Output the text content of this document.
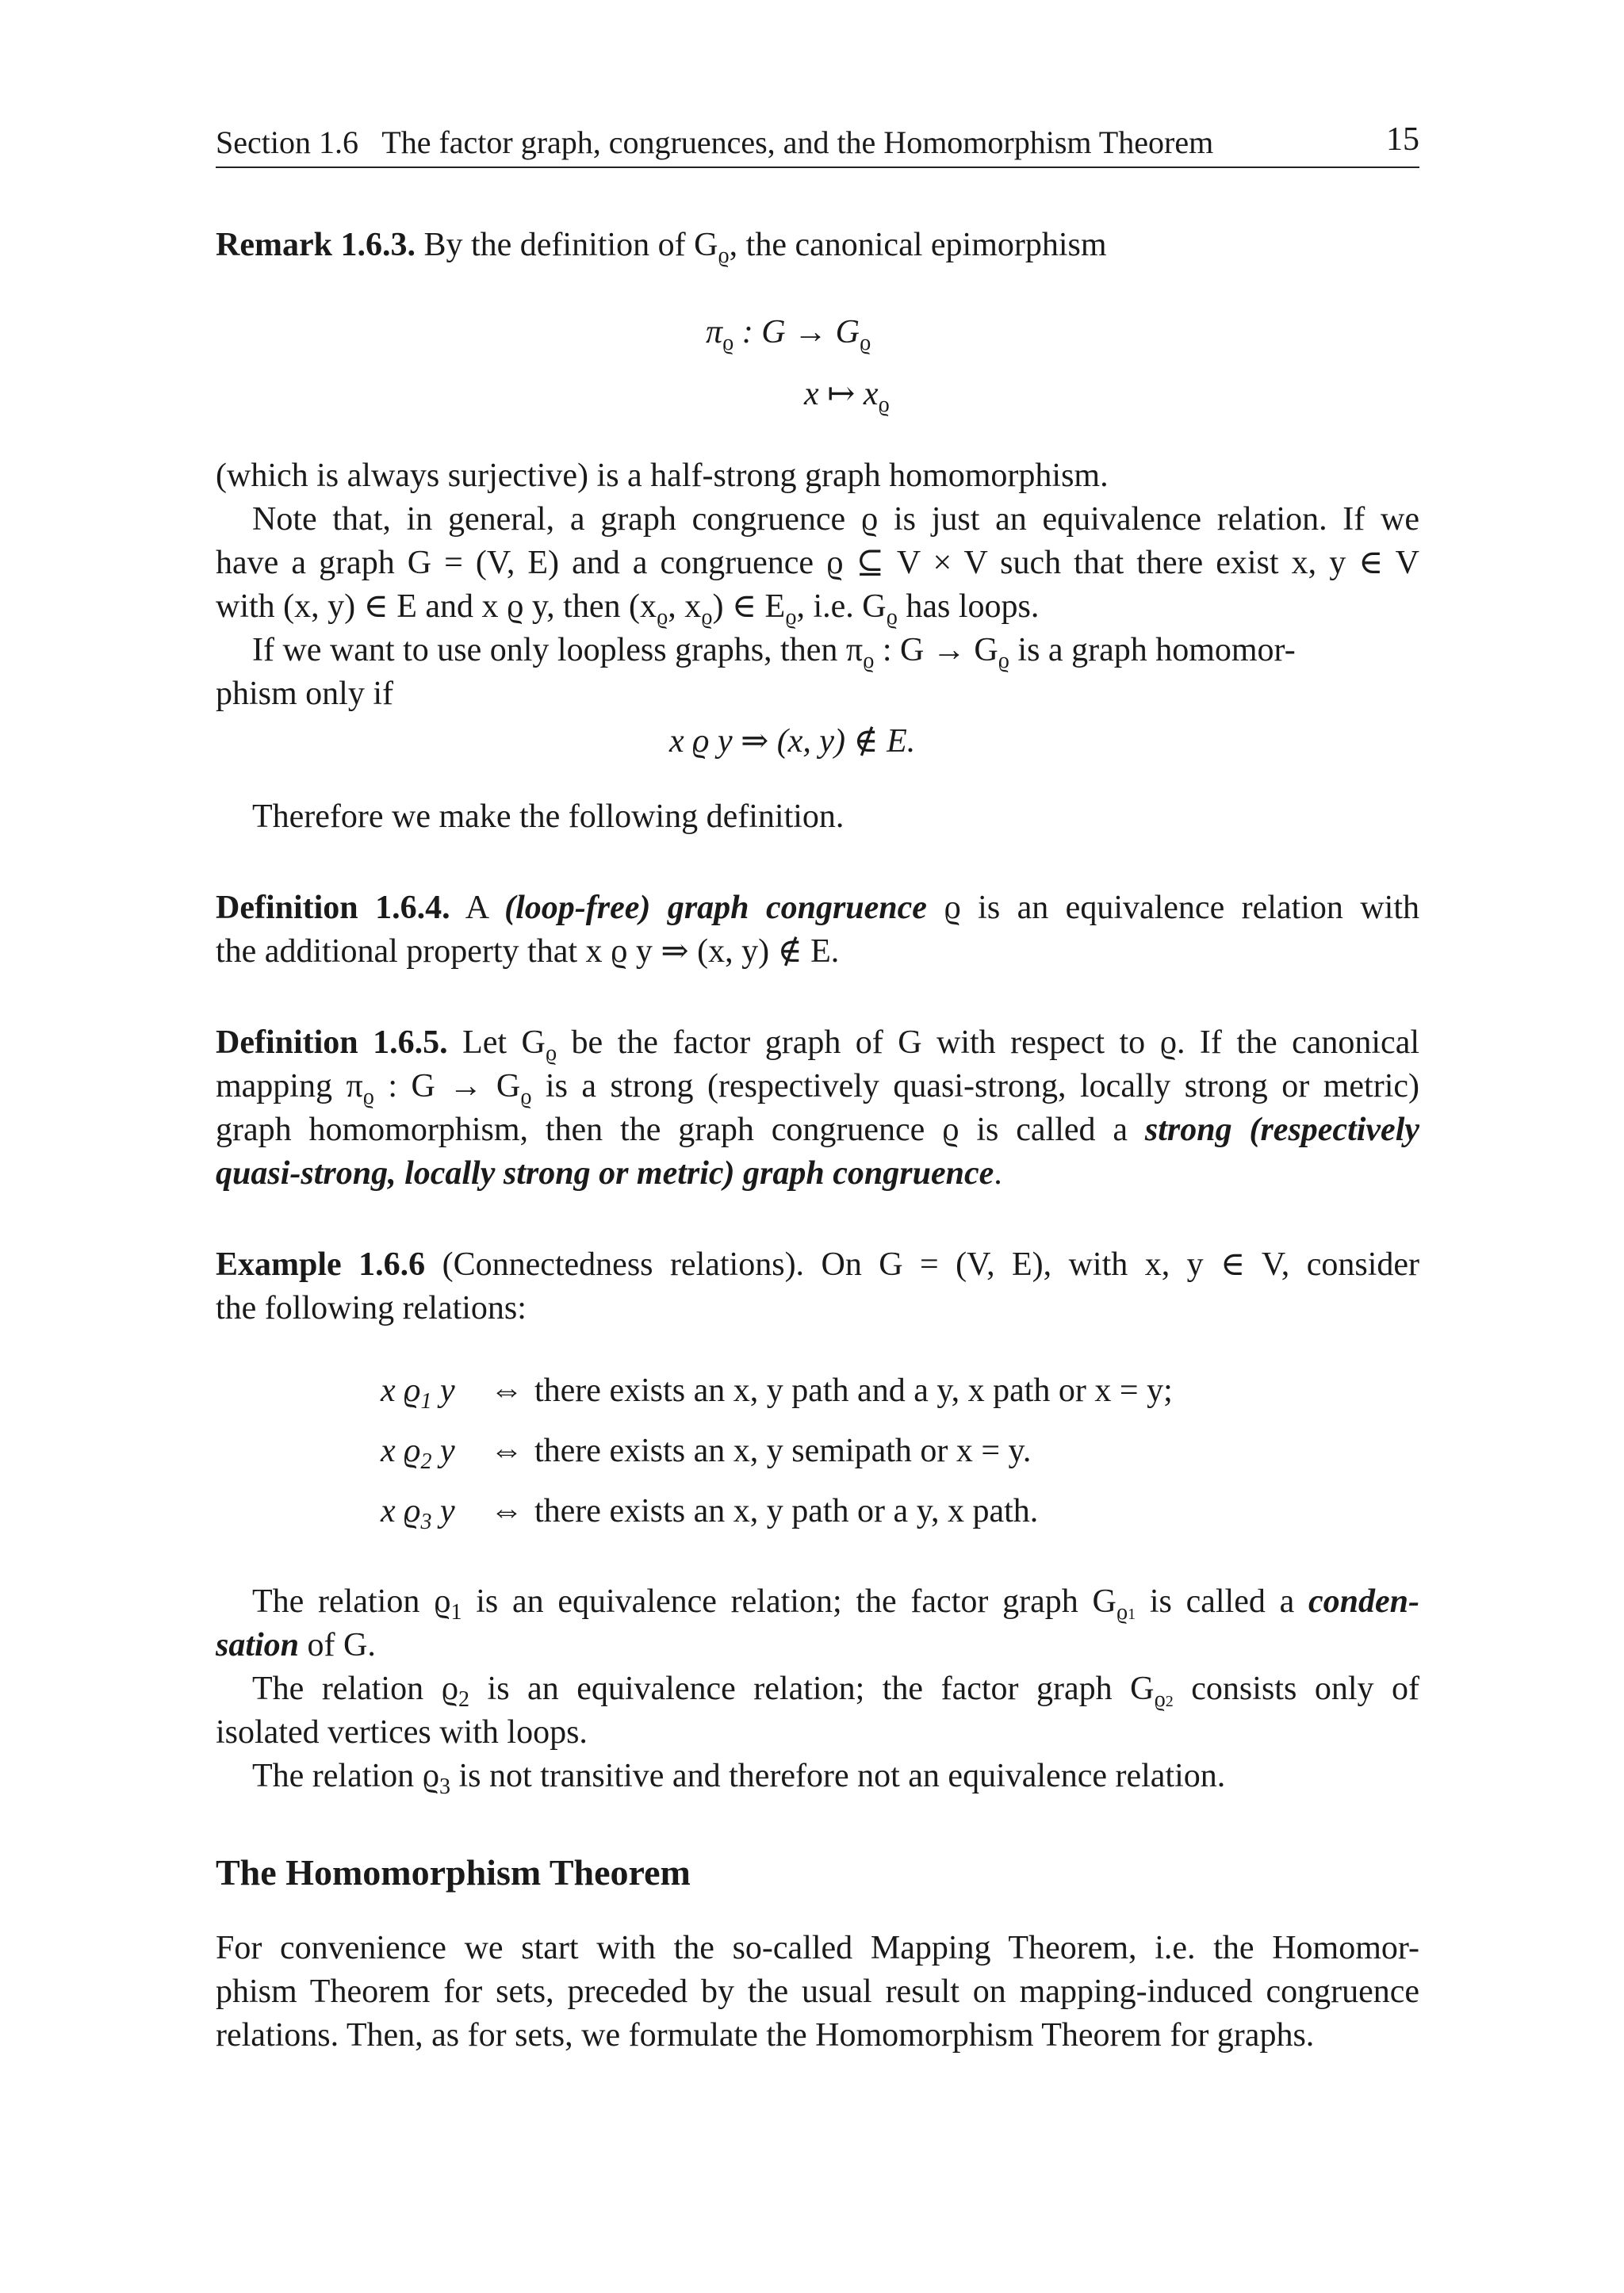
Section 1.6   The factor graph, congruences, and the Homomorphism Theorem	15
Remark 1.6.3. By the definition of $G_ϱ$, the canonical epimorphism
$\pi_ϱ$ : $G \to G_ϱ$
x ↦ $x_ϱ$
(which is always surjective) is a half-strong graph homomorphism.
Note that, in general, a graph congruence ϱ is just an equivalence relation. If we
have a graph G = (V, E) and a congruence ϱ ⊆ V × V such that there exist x, y ∈ V
with (x, y) ∈ E and x ϱ y, then ($x_ϱ$, $x_ϱ$) ∈ $E_ϱ$, i.e. $G_ϱ$ has loops.
If we want to use only loopless graphs, then $\pi_ϱ$ : $G \to G_ϱ$ is a graph homomor-
phism only if
x ϱ y ⇒ (x, y) ∉ E.
Therefore we make the following definition.
Definition 1.6.4. A (loop-free) graph congruence ϱ is an equivalence relation with
the additional property that x ϱ y ⇒ (x, y) ∉ E.
Definition 1.6.5. Let $G_ϱ$ be the factor graph of G with respect to ϱ. If the canonical
mapping $\pi_ϱ$ : $G \to G_ϱ$ is a strong (respectively quasi-strong, locally strong or metric)
graph homomorphism, then the graph congruence ϱ is called a strong (respectively
quasi-strong, locally strong or metric) graph congruence.
Example 1.6.6 (Connectedness relations). On G = (V, E), with x, y ∈ V, consider
the following relations:
x $ϱ_1$ y ⇔ there exists an x, y path and a y, x path or x = y;
x $ϱ_2$ y ⇔ there exists an x, y semipath or x = y.
x $ϱ_3$ y ⇔ there exists an x, y path or a y, x path.
The relation $ϱ_1$ is an equivalence relation; the factor graph $G_{ϱ1}$ is called a conden-
sation of G.
The relation $ϱ_2$ is an equivalence relation; the factor graph $G_{ϱ2}$ consists only of
isolated vertices with loops.
The relation $ϱ_3$ is not transitive and therefore not an equivalence relation.
The Homomorphism Theorem
For convenience we start with the so-called Mapping Theorem, i.e. the Homomor-
phism Theorem for sets, preceded by the usual result on mapping-induced congruence
relations. Then, as for sets, we formulate the Homomorphism Theorem for graphs.
